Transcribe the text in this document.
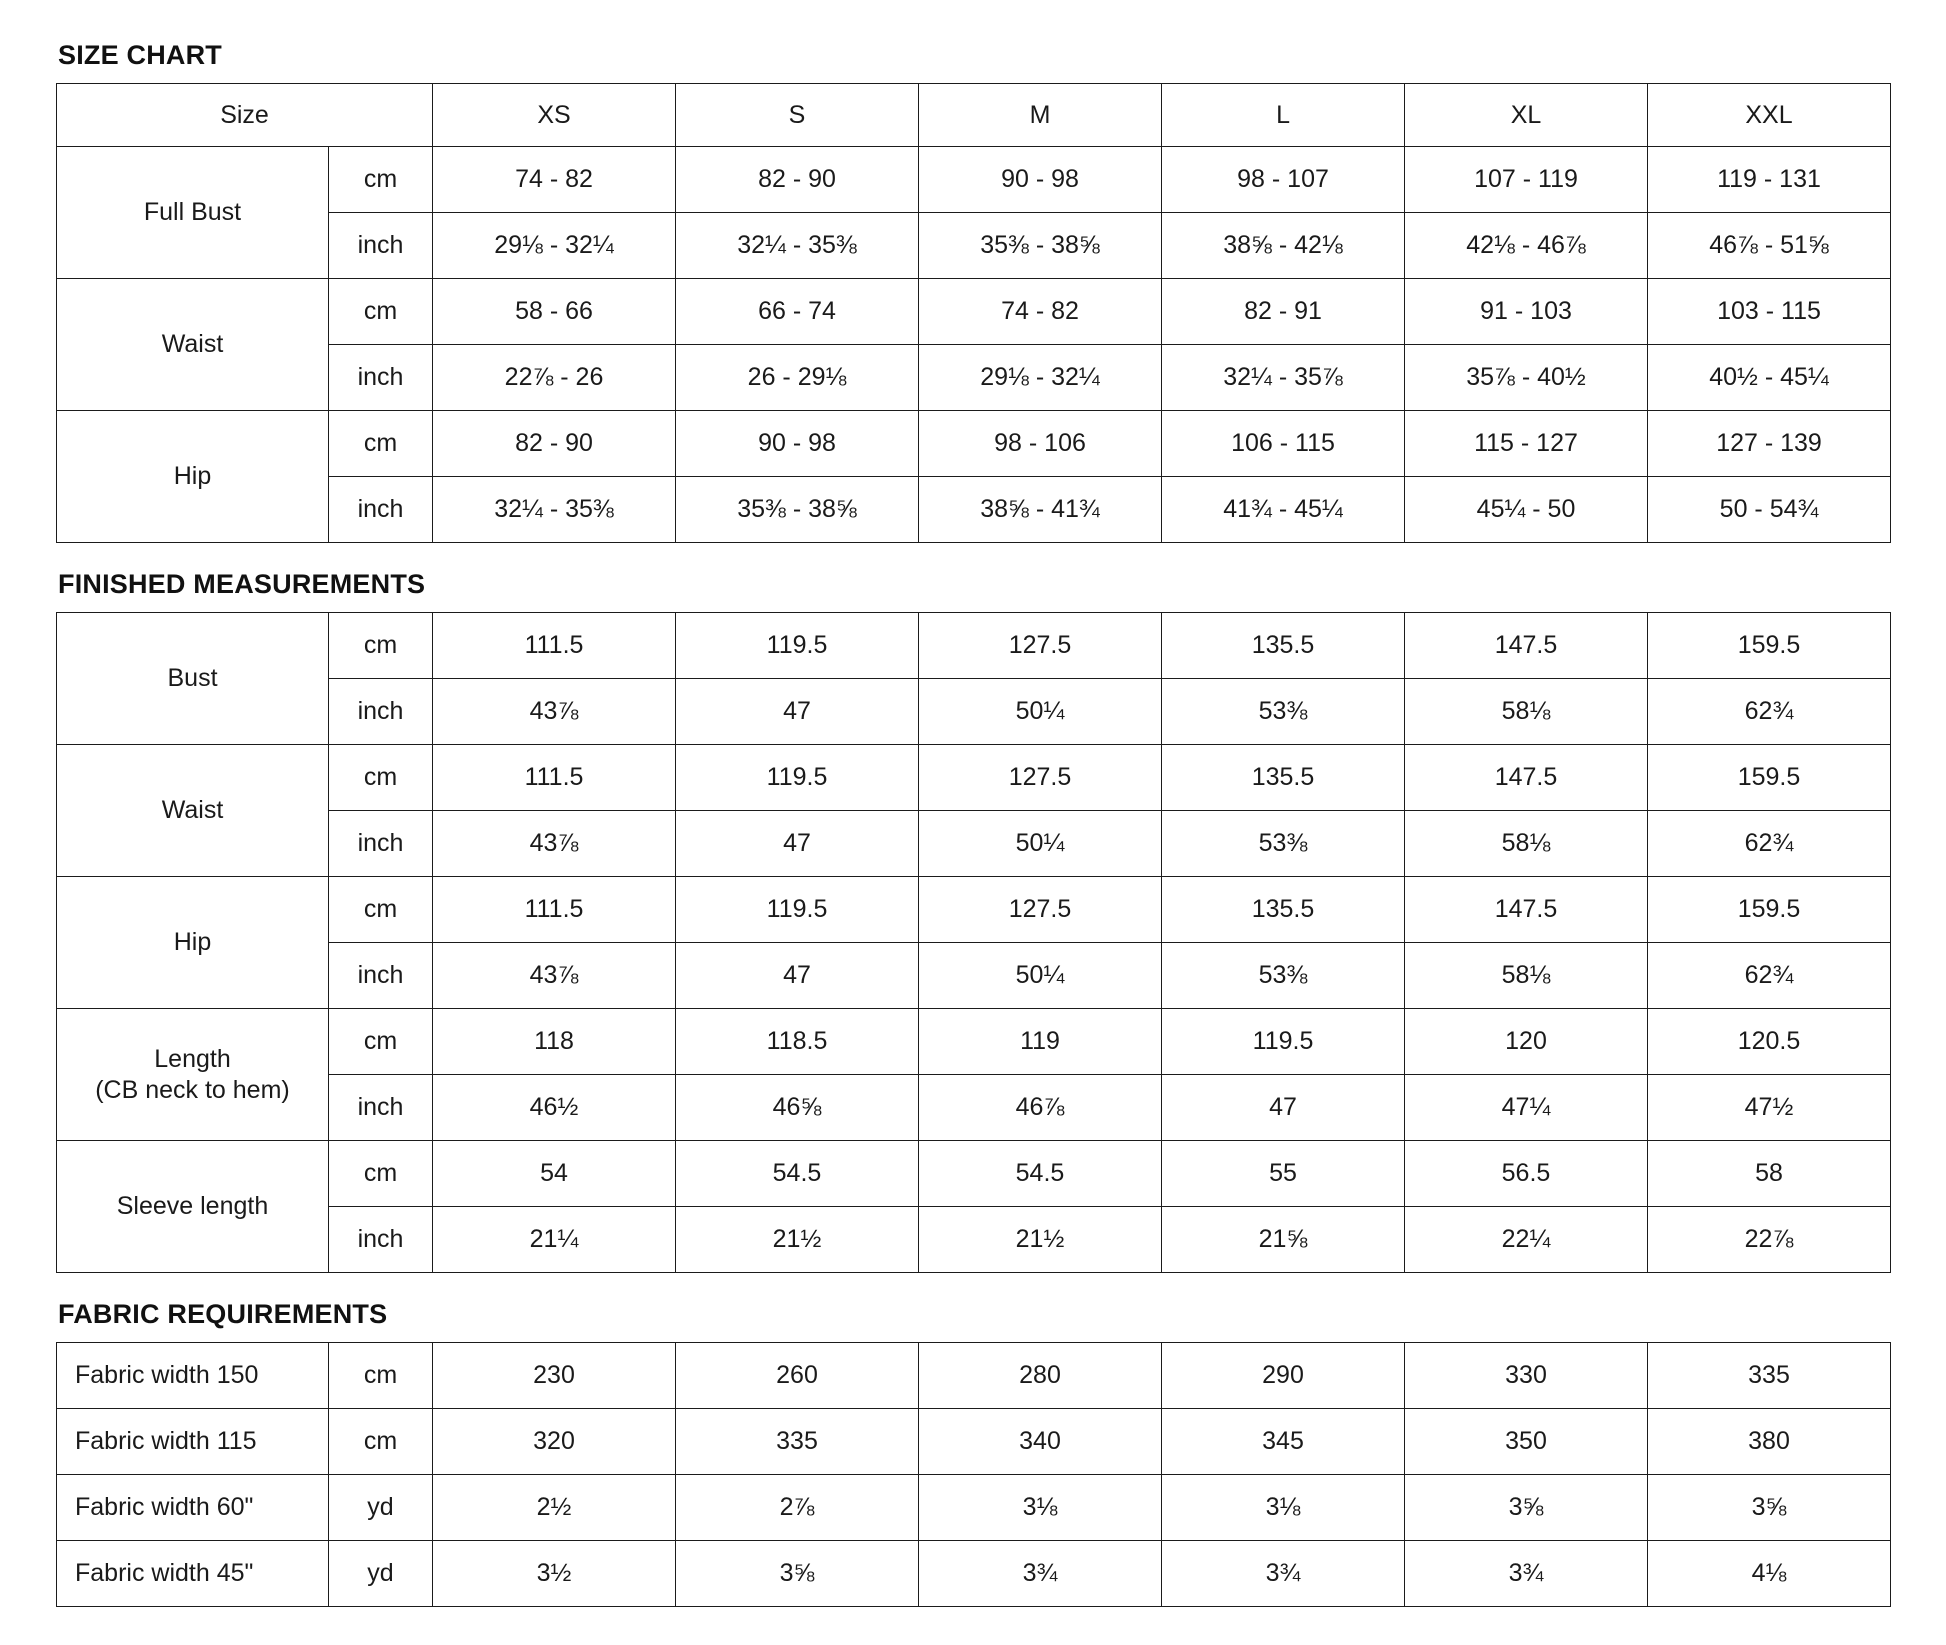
SIZE CHART
Size		XS	S	M	L	XL	XXL
Full Bust	cm	74 - 82	82 - 90	90 - 98	98 - 107	107 - 119	119 - 131
	inch	29⅛ - 32¼	32¼ - 35⅜	35⅜ - 38⅝	38⅝ - 42⅛	42⅛ - 46⅞	46⅞ - 51⅝
Waist	cm	58 - 66	66 - 74	74 - 82	82 - 91	91 - 103	103 - 115
	inch	22⅞ - 26	26 - 29⅛	29⅛ - 32¼	32¼ - 35⅞	35⅞ - 40½	40½ - 45¼
Hip	cm	82 - 90	90 - 98	98 - 106	106 - 115	115 - 127	127 - 139
	inch	32¼ - 35⅜	35⅜ - 38⅝	38⅝ - 41¾	41¾ - 45¼	45¼ - 50	50 - 54¾
FINISHED MEASUREMENTS
Bust	cm	111.5	119.5	127.5	135.5	147.5	159.5
	inch	43⅞	47	50¼	53⅜	58⅛	62¾
Waist	cm	111.5	119.5	127.5	135.5	147.5	159.5
	inch	43⅞	47	50¼	53⅜	58⅛	62¾
Hip	cm	111.5	119.5	127.5	135.5	147.5	159.5
	inch	43⅞	47	50¼	53⅜	58⅛	62¾
Length
(CB neck to hem)	cm	118	118.5	119	119.5	120	120.5
	inch	46½	46⅝	46⅞	47	47¼	47½
Sleeve length	cm	54	54.5	54.5	55	56.5	58
	inch	21¼	21½	21½	21⅝	22¼	22⅞
FABRIC REQUIREMENTS
Fabric width 150	cm	230	260	280	290	330	335
Fabric width 115	cm	320	335	340	345	350	380
Fabric width 60"	yd	2½	2⅞	3⅛	3⅛	3⅝	3⅝
Fabric width 45"	yd	3½	3⅝	3¾	3¾	3¾	4⅛
